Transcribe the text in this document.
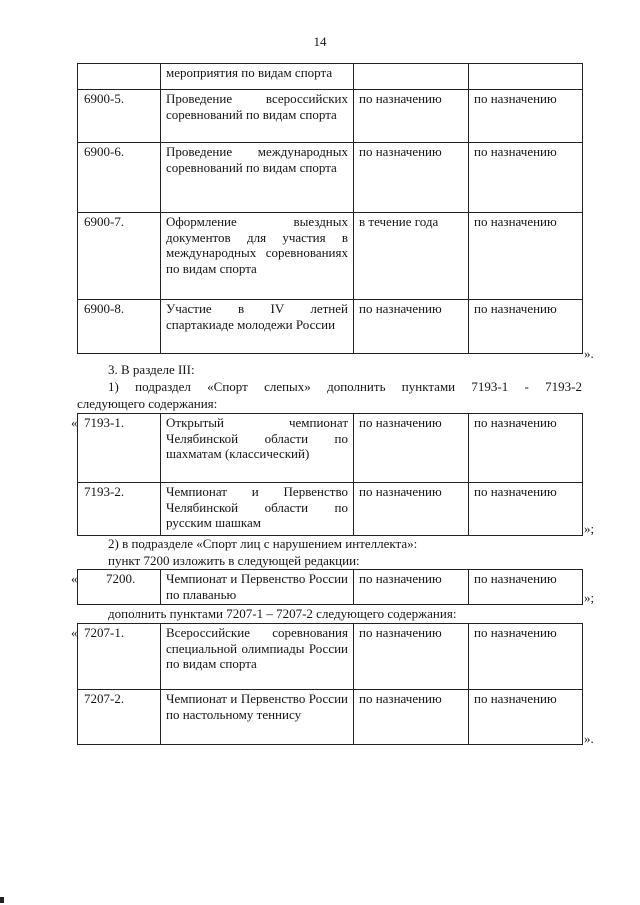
14
	мероприятия по видам спорта		
6900-5.	Проведение всероссийских соревнований по видам спорта	по назначению	по назначению
6900-6.	Проведение международных соревнований по видам спорта	по назначению	по назначению
6900-7.	Оформление выездных документов для участия в международных соревнованиях по видам спорта	в течение года	по назначению
6900-8.	Участие в IV летней спартакиаде молодежи России	по назначению	по назначению
».
3. В разделе III:
1) подраздел «Спорт слепых» дополнить пунктами 7193-1 - 7193-2
следующего содержания:
« 7193-1.	Открытый чемпионат Челябинской области по шахматам (классический)	по назначению	по назначению
7193-2.	Чемпионат и Первенство Челябинской области по русским шашкам	по назначению	по назначению
»;
2) в подразделе «Спорт лиц с нарушением интеллекта»:
пункт 7200 изложить в следующей редакции:
« 7200.	Чемпионат и Первенство России по плаванью	по назначению	по назначению
»;
дополнить пунктами 7207-1 – 7207-2 следующего содержания:
« 7207-1.	Всероссийские соревнования специальной олимпиады России по видам спорта	по назначению	по назначению
7207-2.	Чемпионат и Первенство России по настольному теннису	по назначению	по назначению
».
